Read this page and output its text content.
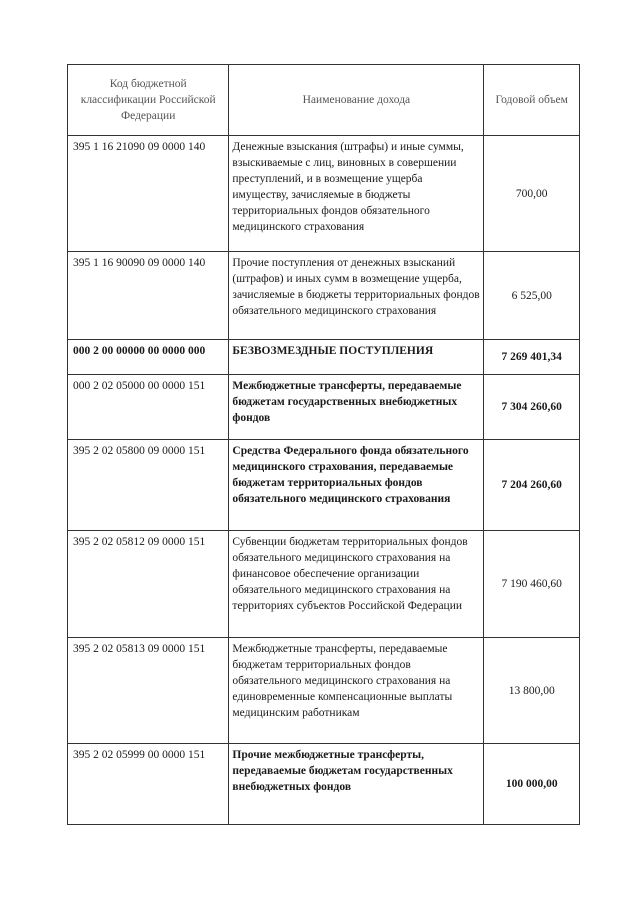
Код бюджетной классификации Российской Федерации	Наименование дохода	Годовой объем
395 1 16 21090 09 0000 140	Денежные взыскания (штрафы) и иные суммы, взыскиваемые с лиц, виновных в совершении преступлений, и в возмещение ущерба имуществу, зачисляемые в бюджеты территориальных фондов обязательного медицинского страхования	700,00
395 1 16 90090 09 0000 140	Прочие поступления от денежных взысканий (штрафов) и иных сумм в возмещение ущерба, зачисляемые в бюджеты территориальных фондов обязательного медицинского страхования	6 525,00
000 2 00 00000 00 0000 000	БЕЗВОЗМЕЗДНЫЕ ПОСТУПЛЕНИЯ	7 269 401,34
000 2 02 05000 00 0000 151	Межбюджетные трансферты, передаваемые бюджетам государственных внебюджетных фондов	7 304 260,60
395 2 02 05800 09 0000 151	Средства Федерального фонда обязательного медицинского страхования, передаваемые бюджетам территориальных фондов обязательного медицинского страхования	7 204 260,60
395 2 02 05812 09 0000 151	Субвенции бюджетам территориальных фондов обязательного медицинского страхования на финансовое обеспечение организации обязательного медицинского страхования на территориях субъектов Российской Федерации	7 190 460,60
395 2 02 05813 09 0000 151	Межбюджетные трансферты, передаваемые бюджетам территориальных фондов обязательного медицинского страхования на единовременные компенсационные выплаты медицинским работникам	13 800,00
395 2 02 05999 00 0000 151	Прочие межбюджетные трансферты, передаваемые бюджетам государственных внебюджетных фондов	100 000,00
